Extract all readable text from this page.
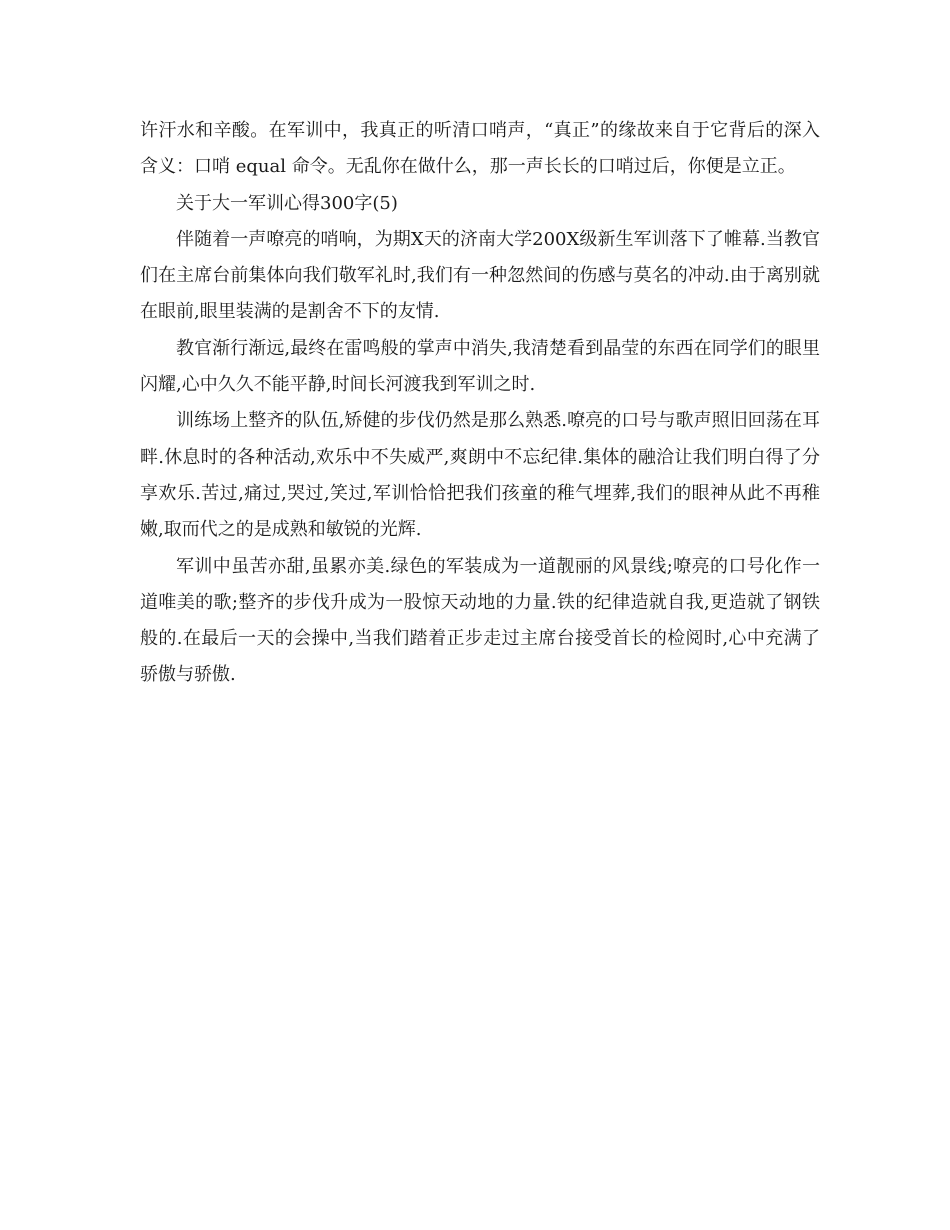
许汗水和辛酸。在军训中，我真正的听清口哨声，“真正”的缘故来自于它背后的深入含义：口哨 equal 命令。无乱你在做什么，那一声长长的口哨过后，你便是立正。

关于大一军训心得300字(5)

伴随着一声嘹亮的哨响，为期X天的济南大学200X级新生军训落下了帷幕.当教官们在主席台前集体向我们敬军礼时,我们有一种忽然间的伤感与莫名的冲动.由于离别就在眼前,眼里装满的是割舍不下的友情.

教官渐行渐远,最终在雷鸣般的掌声中消失,我清楚看到晶莹的东西在同学们的眼里闪耀,心中久久不能平静,时间长河渡我到军训之时.

训练场上整齐的队伍,矫健的步伐仍然是那么熟悉.嘹亮的口号与歌声照旧回荡在耳畔.休息时的各种活动,欢乐中不失威严,爽朗中不忘纪律.集体的融洽让我们明白得了分享欢乐.苦过,痛过,哭过,笑过,军训恰恰把我们孩童的稚气埋葬,我们的眼神从此不再稚嫩,取而代之的是成熟和敏锐的光辉.

军训中虽苦亦甜,虽累亦美.绿色的军装成为一道靓丽的风景线;嘹亮的口号化作一道唯美的歌;整齐的步伐升成为一股惊天动地的力量.铁的纪律造就自我,更造就了钢铁般的.在最后一天的会操中,当我们踏着正步走过主席台接受首长的检阅时,心中充满了骄傲与骄傲.
